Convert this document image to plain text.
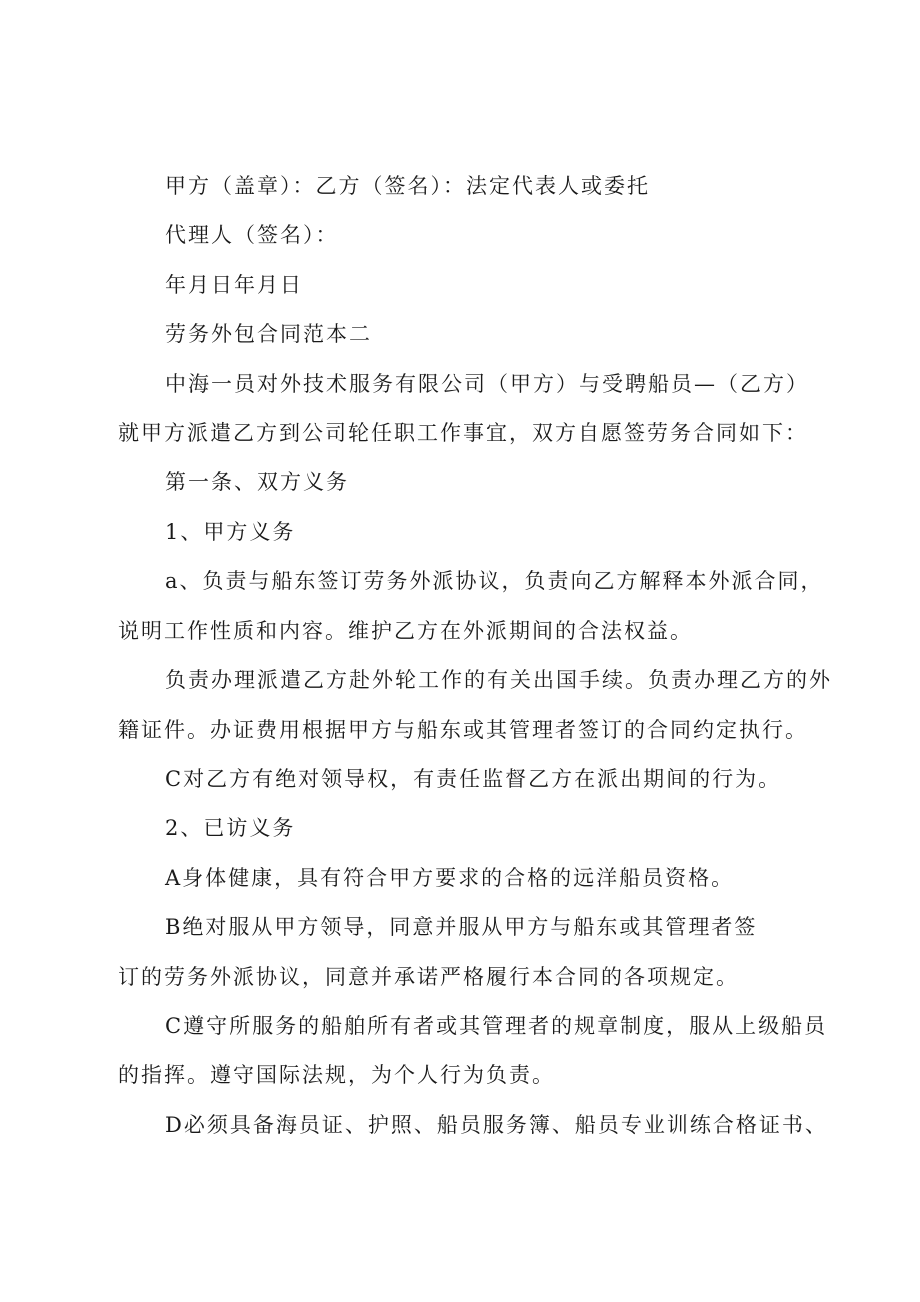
甲方（盖章）：乙方（签名）：法定代表人或委托
代理人（签名）：
年月日年月日
劳务外包合同范本二
中海一员对外技术服务有限公司（甲方）与受聘船员—（乙方）
就甲方派遣乙方到公司轮任职工作事宜，双方自愿签劳务合同如下：
第一条、双方义务
1、甲方义务
a、负责与船东签订劳务外派协议，负责向乙方解释本外派合同，
说明工作性质和内容。维护乙方在外派期间的合法权益。
负责办理派遣乙方赴外轮工作的有关出国手续。负责办理乙方的外
籍证件。办证费用根据甲方与船东或其管理者签订的合同约定执行。
C对乙方有绝对领导权，有责任监督乙方在派出期间的行为。
2、已访义务
A身体健康，具有符合甲方要求的合格的远洋船员资格。
B绝对服从甲方领导，同意并服从甲方与船东或其管理者签
订的劳务外派协议，同意并承诺严格履行本合同的各项规定。
C遵守所服务的船舶所有者或其管理者的规章制度，服从上级船员
的指挥。遵守国际法规，为个人行为负责。
D必须具备海员证、护照、船员服务簿、船员专业训练合格证书、
